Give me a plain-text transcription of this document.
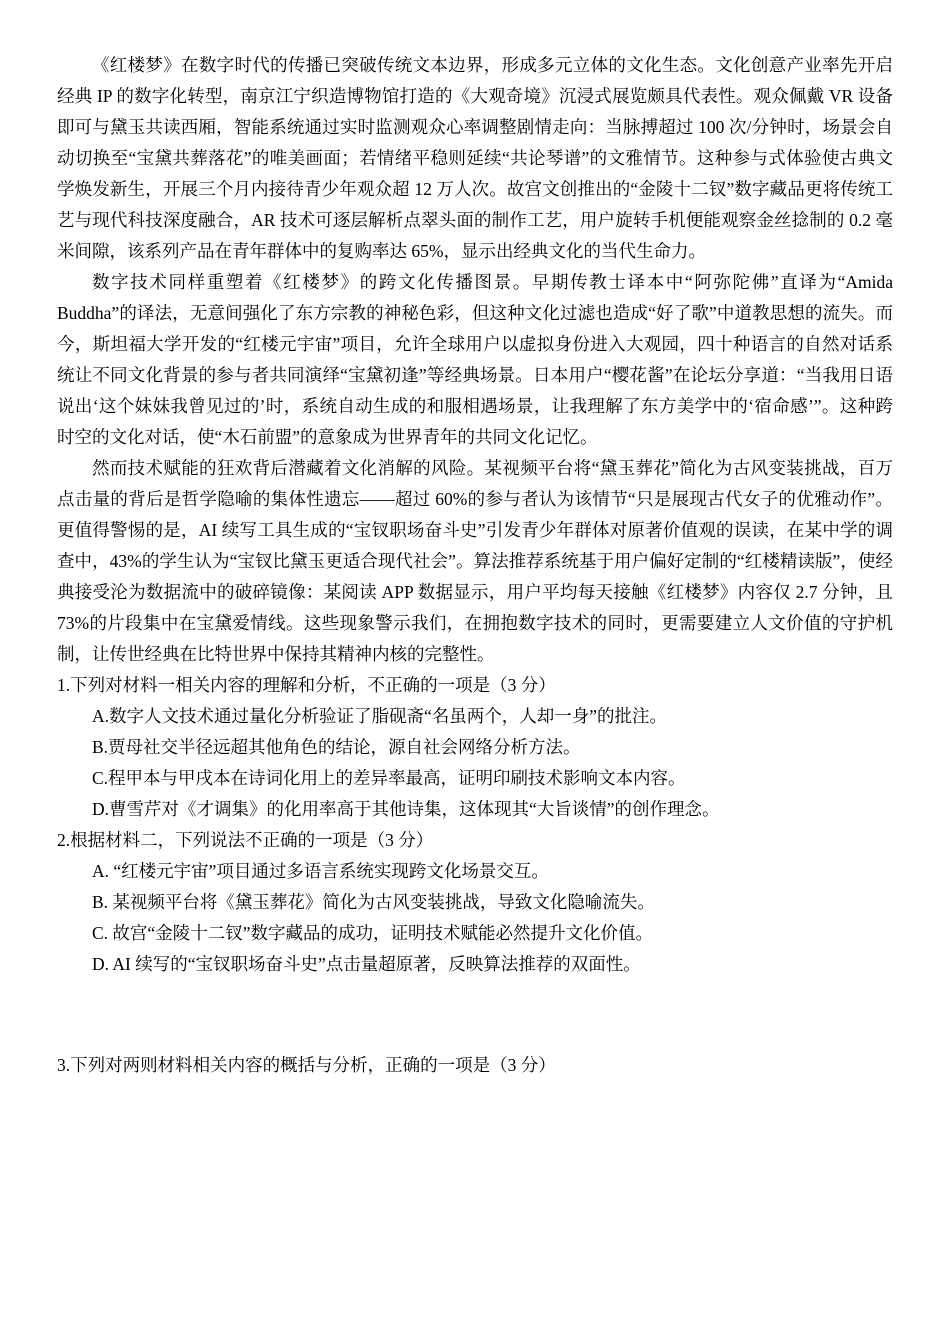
《红楼梦》在数字时代的传播已突破传统文本边界，形成多元立体的文化生态。文化创意产业率先开启经典 IP 的数字化转型，南京江宁织造博物馆打造的《大观奇境》沉浸式展览颇具代表性。观众佩戴 VR 设备即可与黛玉共读西厢，智能系统通过实时监测观众心率调整剧情走向：当脉搏超过 100 次/分钟时，场景会自动切换至“宝黛共葬落花”的唯美画面；若情绪平稳则延续“共论琴谱”的文雅情节。这种参与式体验使古典文学焕发新生，开展三个月内接待青少年观众超 12 万人次。故宫文创推出的“金陵十二钗”数字藏品更将传统工艺与现代科技深度融合，AR 技术可逐层解析点翠头面的制作工艺，用户旋转手机便能观察金丝捻制的 0.2 毫米间隙，该系列产品在青年群体中的复购率达 65%，显示出经典文化的当代生命力。

数字技术同样重塑着《红楼梦》的跨文化传播图景。早期传教士译本中“阿弥陀佛”直译为“Amida Buddha”的译法，无意间强化了东方宗教的神秘色彩，但这种文化过滤也造成“好了歌”中道教思想的流失。而今，斯坦福大学开发的“红楼元宇宙”项目，允许全球用户以虚拟身份进入大观园，四十种语言的自然对话系统让不同文化背景的参与者共同演绎“宝黛初逢”等经典场景。日本用户“樱花酱”在论坛分享道：“当我用日语说出‘这个妹妹我曾见过的’时，系统自动生成的和服相遇场景，让我理解了东方美学中的‘宿命感’”。这种跨时空的文化对话，使“木石前盟”的意象成为世界青年的共同文化记忆。

然而技术赋能的狂欢背后潜藏着文化消解的风险。某视频平台将“黛玉葬花”简化为古风变装挑战，百万点击量的背后是哲学隐喻的集体性遗忘——超过 60%的参与者认为该情节“只是展现古代女子的优雅动作”。更值得警惕的是，AI 续写工具生成的“宝钗职场奋斗史”引发青少年群体对原著价值观的误读，在某中学的调查中，43%的学生认为“宝钗比黛玉更适合现代社会”。算法推荐系统基于用户偏好定制的“红楼精读版”，使经典接受沦为数据流中的破碎镜像：某阅读 APP 数据显示，用户平均每天接触《红楼梦》内容仅 2.7 分钟，且 73%的片段集中在宝黛爱情线。这些现象警示我们，在拥抱数字技术的同时，更需要建立人文价值的守护机制，让传世经典在比特世界中保持其精神内核的完整性。

1.下列对材料一相关内容的理解和分析，不正确的一项是（3 分）

A.数字人文技术通过量化分析验证了脂砚斋“名虽两个，人却一身”的批注。

B.贾母社交半径远超其他角色的结论，源自社会网络分析方法。

C.程甲本与甲戌本在诗词化用上的差异率最高，证明印刷技术影响文本内容。

D.曹雪芹对《才调集》的化用率高于其他诗集，这体现其“大旨谈情”的创作理念。

2.根据材料二，下列说法不正确的一项是（3 分）

A. “红楼元宇宙”项目通过多语言系统实现跨文化场景交互。

B. 某视频平台将《黛玉葬花》简化为古风变装挑战，导致文化隐喻流失。

C. 故宫“金陵十二钗”数字藏品的成功，证明技术赋能必然提升文化价值。

D. AI 续写的“宝钗职场奋斗史”点击量超原著，反映算法推荐的双面性。

3.下列对两则材料相关内容的概括与分析，正确的一项是（3 分）
